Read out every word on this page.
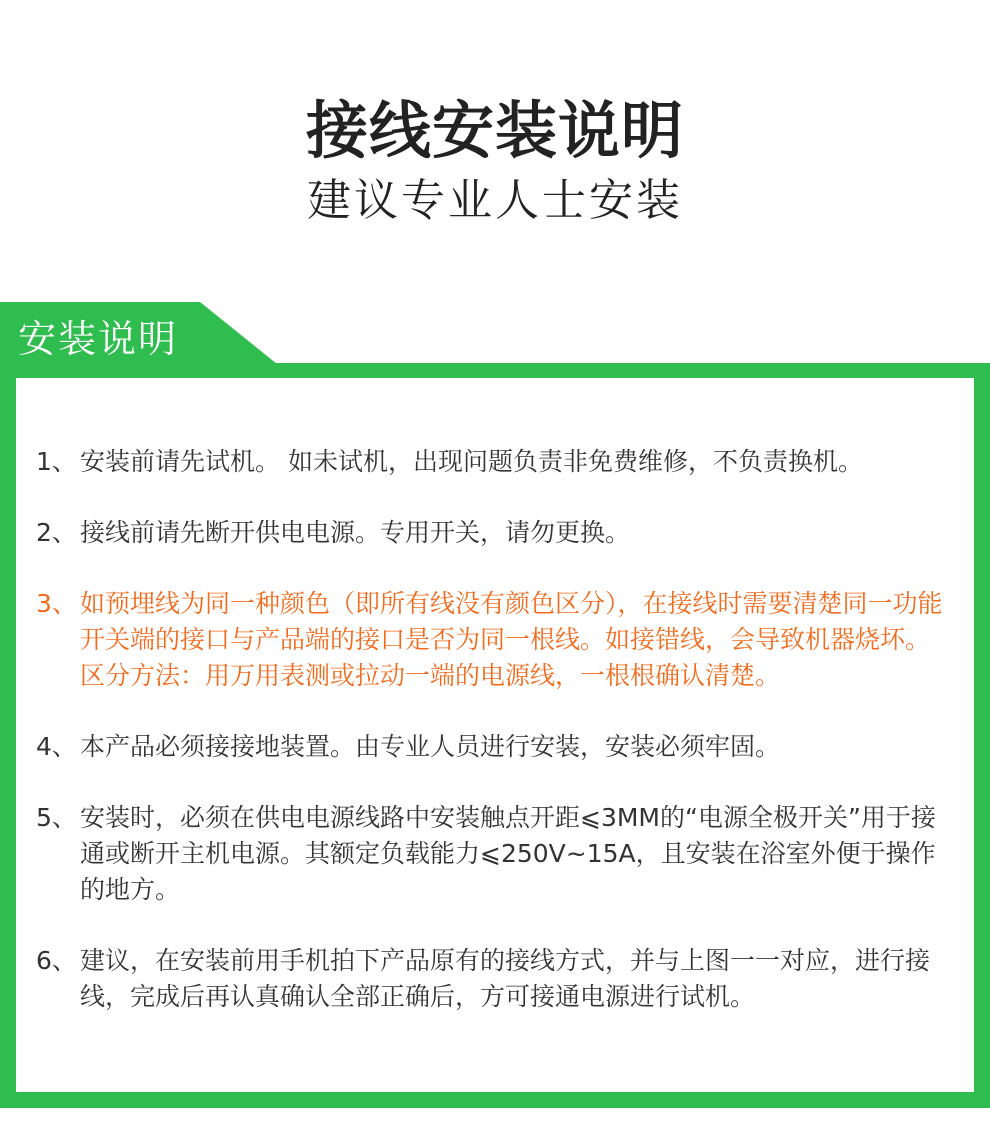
接线安装说明
建议专业人士安装
安装说明
1、 安装前请先试机。 如未试机，出现问题负责非免费维修，不负责换机。
2、 接线前请先断开供电电源。专用开关，请勿更换。
3、 如预埋线为同一种颜色（即所有线没有颜色区分），在接线时需要清楚同一功能开关端的接口与产品端的接口是否为同一根线。如接错线，会导致机器烧坏。区分方法：用万用表测或拉动一端的电源线，一根根确认清楚。
4、 本产品必须接接地装置。由专业人员进行安装，安装必须牢固。
5、 安装时，必须在供电电源线路中安装触点开距⩽3MM的“电源全极开关”用于接通或断开主机电源。其额定负载能力⩽250V~15A，且安装在浴室外便于操作的地方。
6、 建议，在安装前用手机拍下产品原有的接线方式，并与上图一一对应，进行接线，完成后再认真确认全部正确后，方可接通电源进行试机。
